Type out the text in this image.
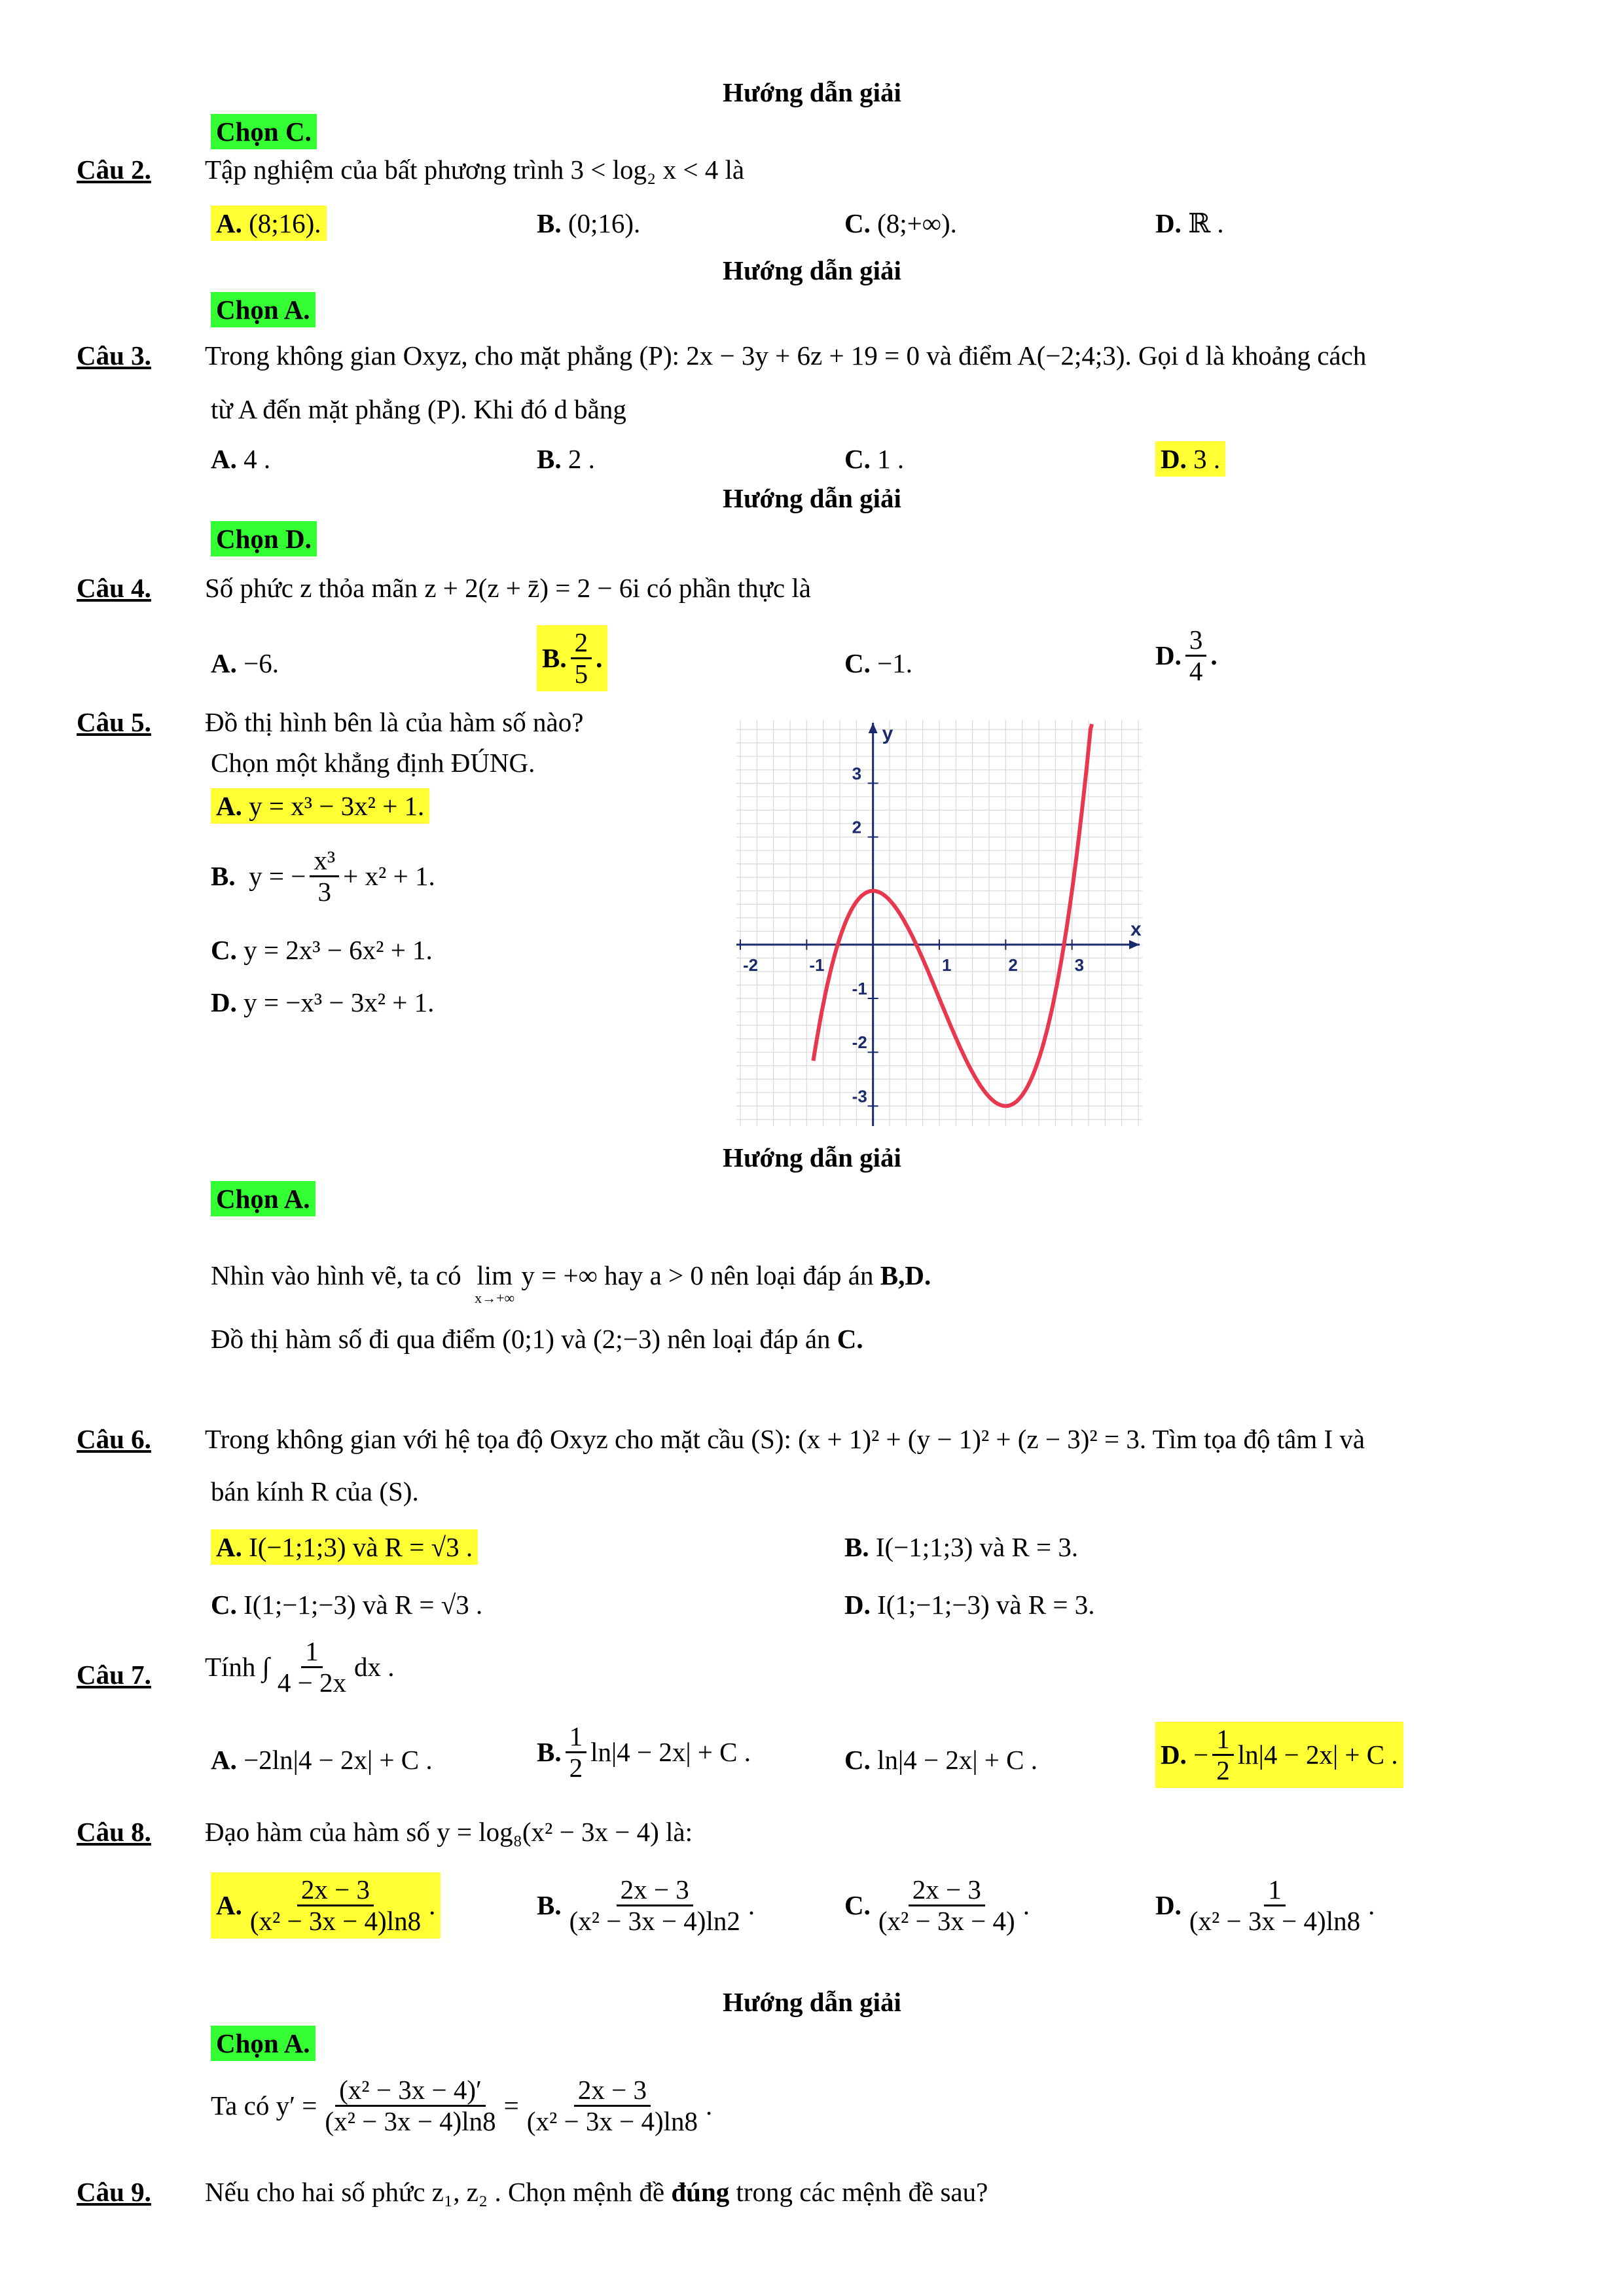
Hướng dẫn giải
Chọn C.
Câu 2. Tập nghiệm của bất phương trình 3 < log₂ x < 4 là
A. (8;16).	B. (0;16).	C. (8;+∞).	D. ℝ .
Hướng dẫn giải
Chọn A.
Câu 3. Trong không gian Oxyz, cho mặt phẳng (P): 2x − 3y + 6z + 19 = 0 và điểm A(−2;4;3). Gọi d là khoảng cách
từ A đến mặt phẳng (P). Khi đó d bằng
A. 4 .	B. 2 .	C. 1 .	D. 3 .
Hướng dẫn giải
Chọn D.
Câu 4. Số phức z thỏa mãn z + 2(z + z̄) = 2 − 6i có phần thực là
A. −6.	B. $\frac{2}{5}$ .	C. −1.	D. $\frac{3}{4}$ .
Câu 5. Đồ thị hình bên là của hàm số nào?
Chọn một khẳng định ĐÚNG.
A. y = x³ − 3x² + 1.
B.
y = − $\frac{\text{x³}}{3} + x^2 + 1$.
C. y = 2x³ − 6x² + 1.
D. y = −x³ − 3x² + 1.
-2	-1	1	2	3
3
2
-1
-2
-3
x
y
Hướng dẫn giải
Chọn A.
Nhìn vào hình vẽ, ta có
lim
x→+∞

y = +∞ hay a > 0 nên loại đáp án
B,D.
Đồ thị hàm số đi qua điểm (0;1) và (2;−3) nên loại đáp án C.
Câu 6. Trong không gian với hệ tọa độ Oxyz cho mặt cầu (S): (x + 1)² + (y − 1)² + (z − 3)² = 3. Tìm tọa độ tâm I và
bán kính R của (S).
A. I(−1;1;3) và R = √3 .	B. I(−1;1;3) và R = 3.
C. I(1;−1;−3) và R = √3 .	D. I(1;−1;−3) và R = 3.
Câu 7. Tính ∫ $\frac{1}{4 - 2x}$ dx .
A. −2ln|4 − 2x| + C .	B. $\frac{1}{2} \ln|4 - 2x| + C$ .	C. ln|4 − 2x| + C .	D.
− $\frac{1}{2} \ln|4 - 2x| + C$ .
Câu 8. Đạo hàm của hàm số y = log₈(x² − 3x − 4) là:
A. $\frac{2x - 3}{\text{(x² − 3x − 4)ln8}}$ .	B. $\frac{2x - 3}{\text{(x² − 3x − 4)ln2}}$ .	C. $\frac{2x - 3}{\text{(x² − 3x − 4)}}$ .	D. $\frac{1}{\text{(x² − 3x − 4)ln8}}$ .
Hướng dẫn giải
Chọn A.
Ta có $y' = \frac{\text{(x² − 3x − 4)′}}{\text{(x² − 3x − 4)ln8}} = \frac{2x - 3}{\text{(x² − 3x − 4)ln8}}$ .
Câu 9. Nếu cho hai số phức z₁, z₂ . Chọn mệnh đề đúng trong các mệnh đề sau?
